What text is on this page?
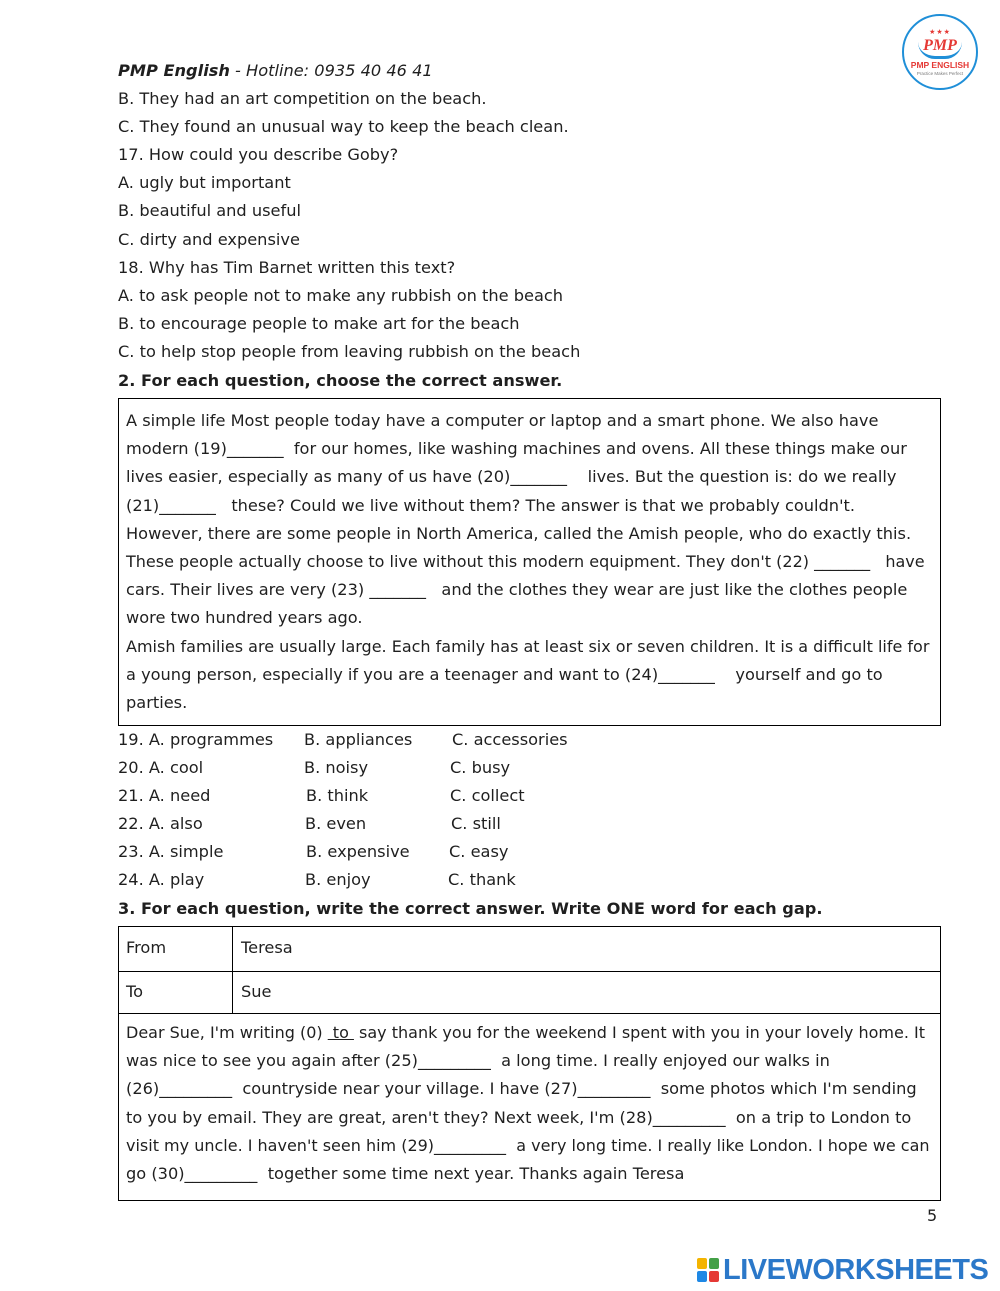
PMP English - Hotline: 0935 40 46 41
★★★
PMP
PMP ENGLISH
Practice Makes Perfect
B. They had an art competition on the beach.
C. They found an unusual way to keep the beach clean.
17. How could you describe Goby?
A. ugly but important
B. beautiful and useful
C. dirty and expensive
18. Why has Tim Barnet written this text?
A. to ask people not to make any rubbish on the beach
B. to encourage people to make art for the beach
C. to help stop people from leaving rubbish on the beach
2. For each question, choose the correct answer.

A simple life Most people today have a computer or laptop and a smart phone. We also have

modern (19)_______  for our homes, like washing machines and ovens. All these things make our

lives easier, especially as many of us have (20)_______    lives. But the question is: do we really

(21)_______   these? Could we live without them? The answer is that we probably couldn't.

However, there are some people in North America, called the Amish people, who do exactly this.

These people actually choose to live without this modern equipment. They don't (22) _______   have

cars. Their lives are very (23) _______   and the clothes they wear are just like the clothes people

wore two hundred years ago.

Amish families are usually large. Each family has at least six or seven children. It is a difficult life for

a young person, especially if you are a teenager and want to (24)_______    yourself and go to

parties.

19. A. programmes B. appliances C. accessories
20. A. cool	B. noisy	C. busy
21. A. need	B. think	C. collect
22. A. also	B. even	C. still
23. A. simple	B. expensive C. easy
24. A. play	B. enjoy	C. thank
3. For each question, write the correct answer. Write ONE word for each gap.
From	Teresa
To	Sue
Dear Sue, I'm writing (0)  to  say thank you for the weekend I spent with you in your lovely home. It
was nice to see you again after (25)_________  a long time. I really enjoyed our walks in
(26)_________  countryside near your village. I have (27)_________  some photos which I'm sending
to you by email. They are great, aren't they? Next week, I'm (28)_________  on a trip to London to
visit my uncle. I haven't seen him (29)_________  a very long time. I really like London. I hope we can
go (30)_________  together some time next year. Thanks again Teresa
5
LIVEWORKSHEETS
